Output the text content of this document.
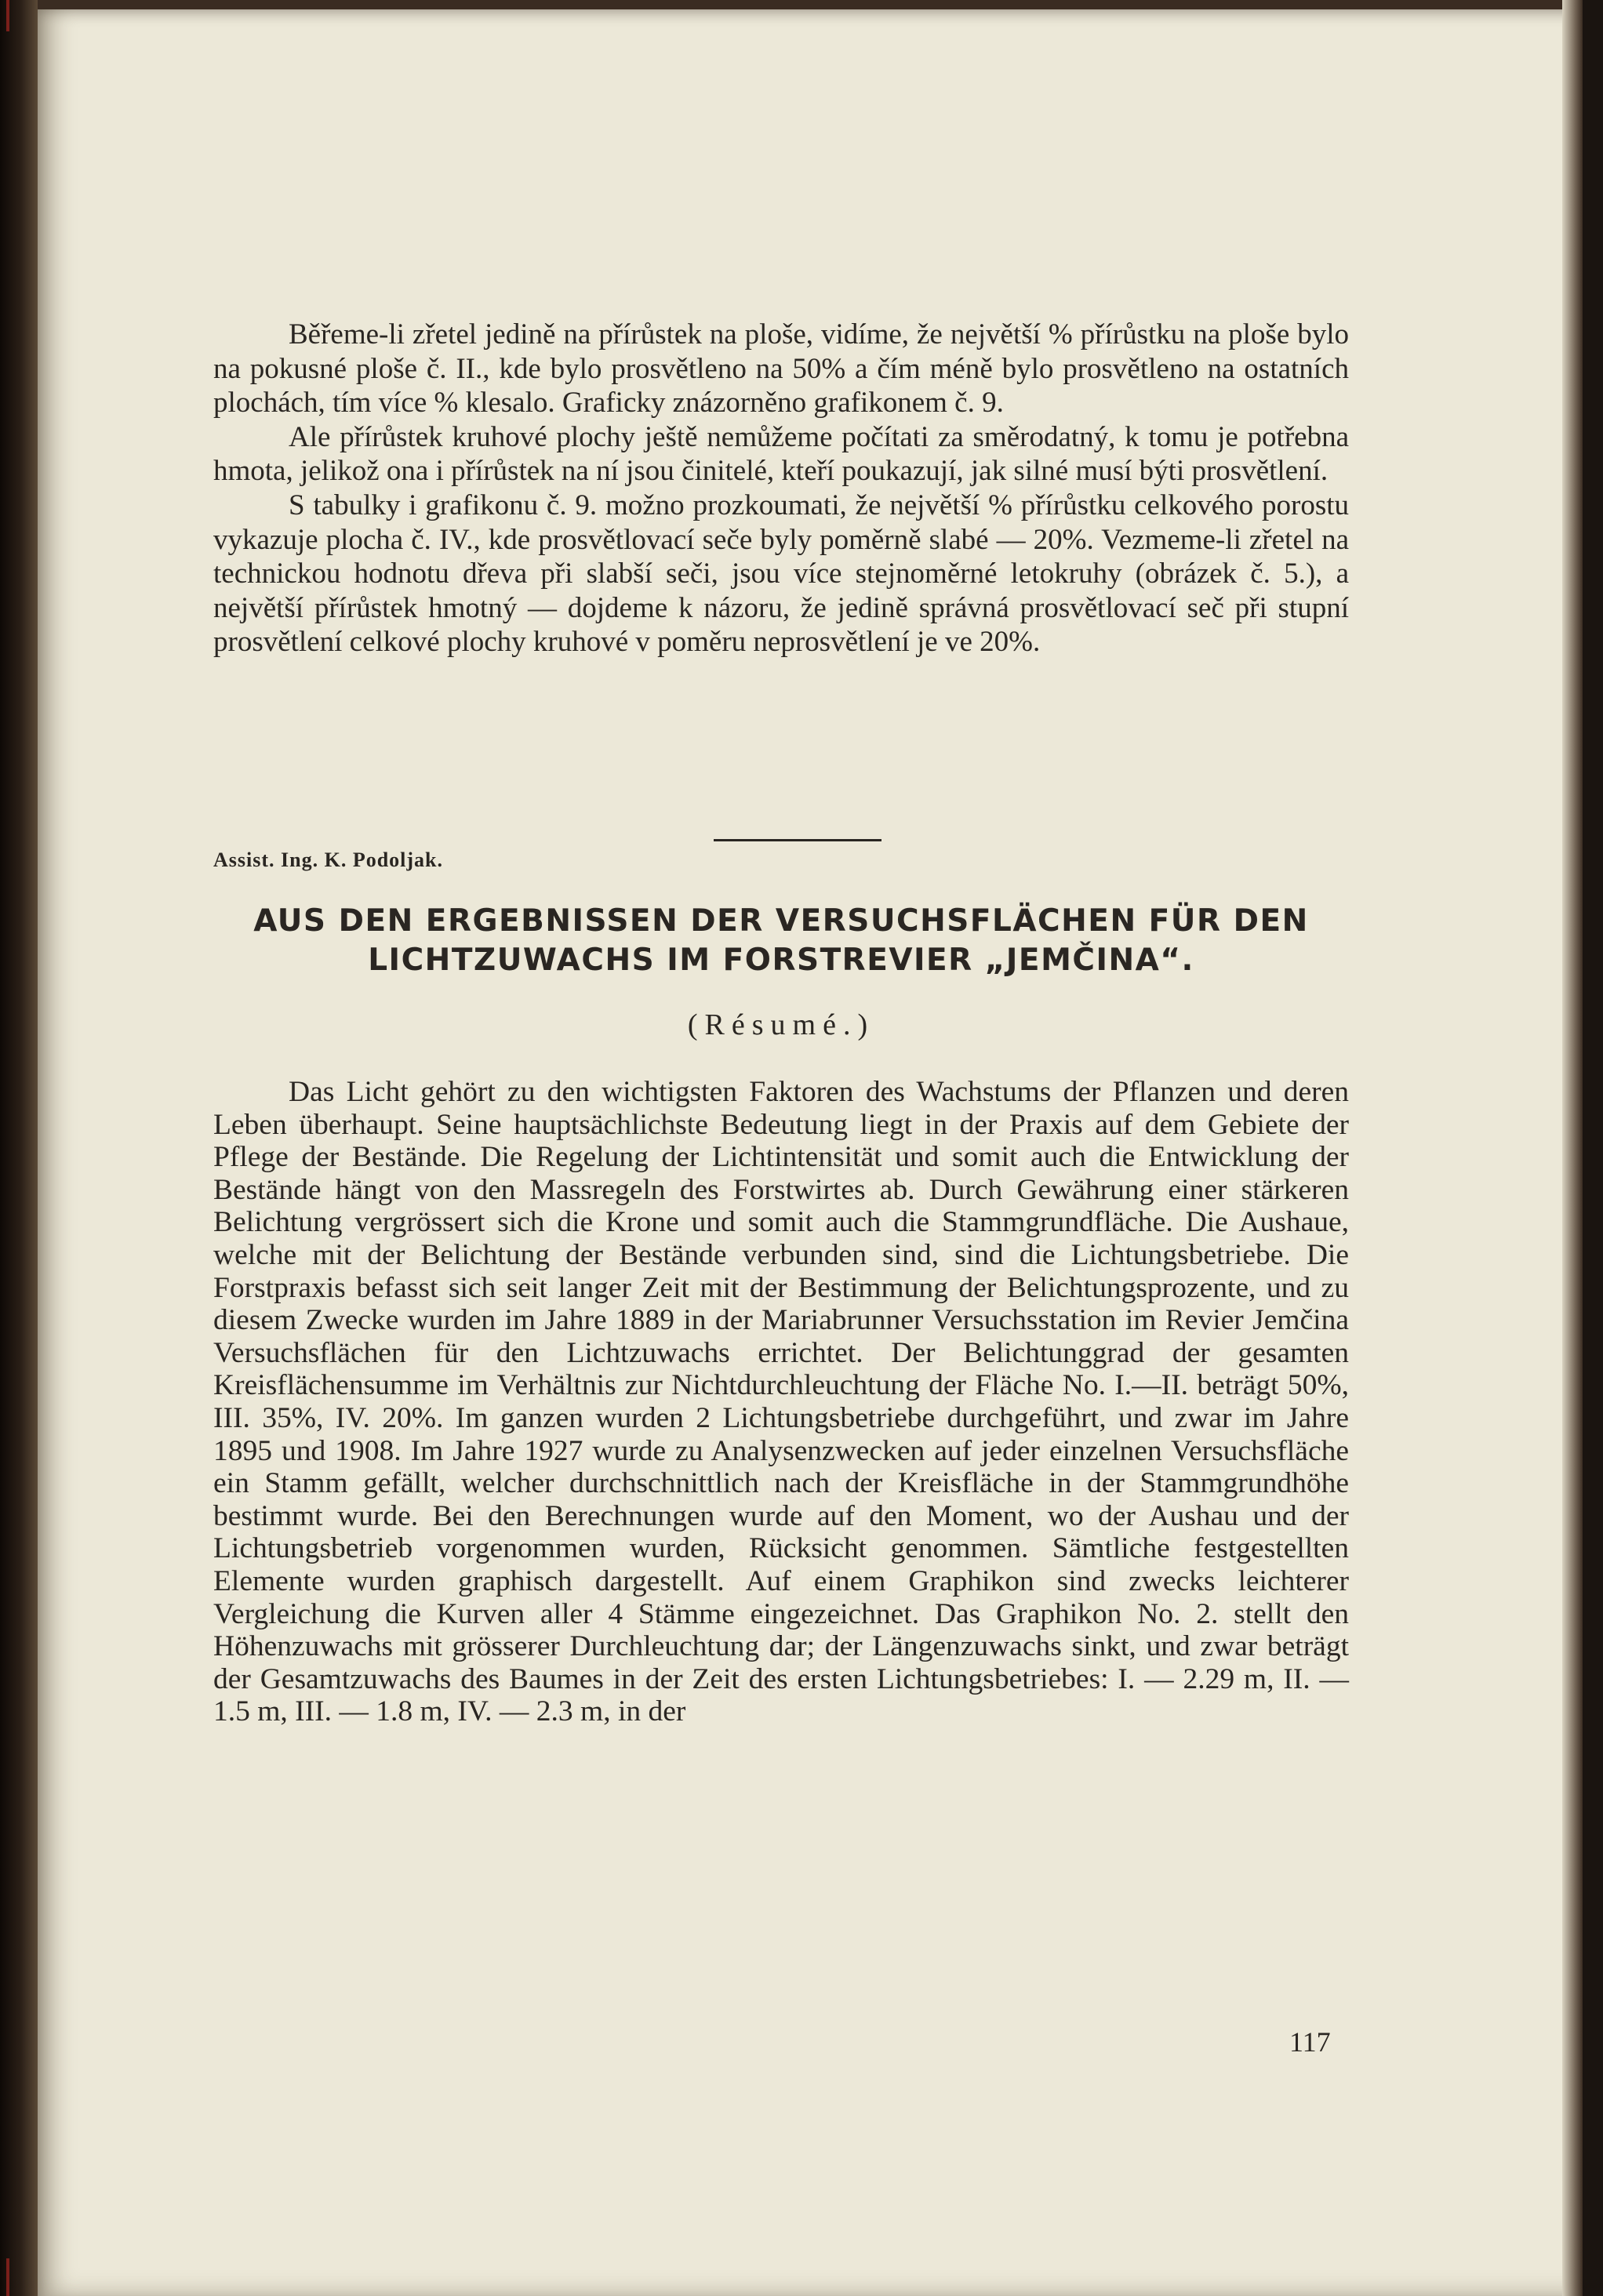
Běřeme-li zřetel jedině na přírůstek na ploše, vidíme, že největší % přírůstku na ploše bylo na pokusné ploše č. II., kde bylo prosvětleno na 50% a čím méně bylo prosvětleno na ostatních plochách, tím více % klesalo. Graficky znázorněno grafikonem č. 9.

Ale přírůstek kruhové plochy ještě nemůžeme počítati za směrodatný, k tomu je potřebna hmota, jelikož ona i přírůstek na ní jsou činitelé, kteří poukazují, jak silné musí býti prosvětlení.

S tabulky i grafikonu č. 9. možno prozkoumati, že největší % přírůstku celkového porostu vykazuje plocha č. IV., kde prosvětlovací seče byly poměrně slabé — 20%. Vezmeme-li zřetel na technickou hodnotu dřeva při slabší seči, jsou více stejnoměrné letokruhy (obrázek č. 5.), a největší přírůstek hmotný — dojdeme k názoru, že jedině správná prosvětlovací seč při stupní prosvětlení celkové plochy kruhové v poměru neprosvětlení je ve 20%.

Assist. Ing. K. Podoljak.
AUS DEN ERGEBNISSEN DER VERSUCHSFLÄCHEN FÜR DEN
LICHTZUWACHS IM FORSTREVIER „JEMČINA“.
(Résumé.)

Das Licht gehört zu den wichtigsten Faktoren des Wachstums der Pflanzen und deren Leben überhaupt. Seine hauptsächlichste Bedeutung liegt in der Praxis auf dem Gebiete der Pflege der Bestände. Die Regelung der Lichtintensität und somit auch die Entwicklung der Bestände hängt von den Massregeln des Forstwirtes ab. Durch Gewährung einer stärkeren Belichtung vergrössert sich die Krone und somit auch die Stammgrundfläche. Die Aushaue, welche mit der Belichtung der Bestände verbunden sind, sind die Lichtungsbetriebe. Die Forstpraxis befasst sich seit langer Zeit mit der Bestimmung der Belichtungsprozente, und zu diesem Zwecke wurden im Jahre 1889 in der Mariabrunner Versuchsstation im Revier Jemčina Versuchsflächen für den Lichtzuwachs errichtet. Der Belichtunggrad der gesamten Kreisflächensumme im Verhältnis zur Nichtdurchleuchtung der Fläche No. I.—II. beträgt 50%, III. 35%, IV. 20%. Im ganzen wurden 2 Lichtungsbetriebe durchgeführt, und zwar im Jahre 1895 und 1908. Im Jahre 1927 wurde zu Analysenzwecken auf jeder einzelnen Versuchsfläche ein Stamm gefällt, welcher durchschnittlich nach der Kreisfläche in der Stammgrundhöhe bestimmt wurde. Bei den Berechnungen wurde auf den Moment, wo der Aushau und der Lichtungsbetrieb vorgenommen wurden, Rücksicht genommen. Sämtliche festgestellten Elemente wurden graphisch dargestellt. Auf einem Graphikon sind zwecks leichterer Vergleichung die Kurven aller 4 Stämme eingezeichnet. Das Graphikon No. 2. stellt den Höhenzuwachs mit grösserer Durchleuchtung dar; der Längenzuwachs sinkt, und zwar beträgt der Gesamtzuwachs des Baumes in der Zeit des ersten Lichtungsbetriebes: I. — 2.29 m, II. — 1.5 m, III. — 1.8 m, IV. — 2.3 m, in der

117
